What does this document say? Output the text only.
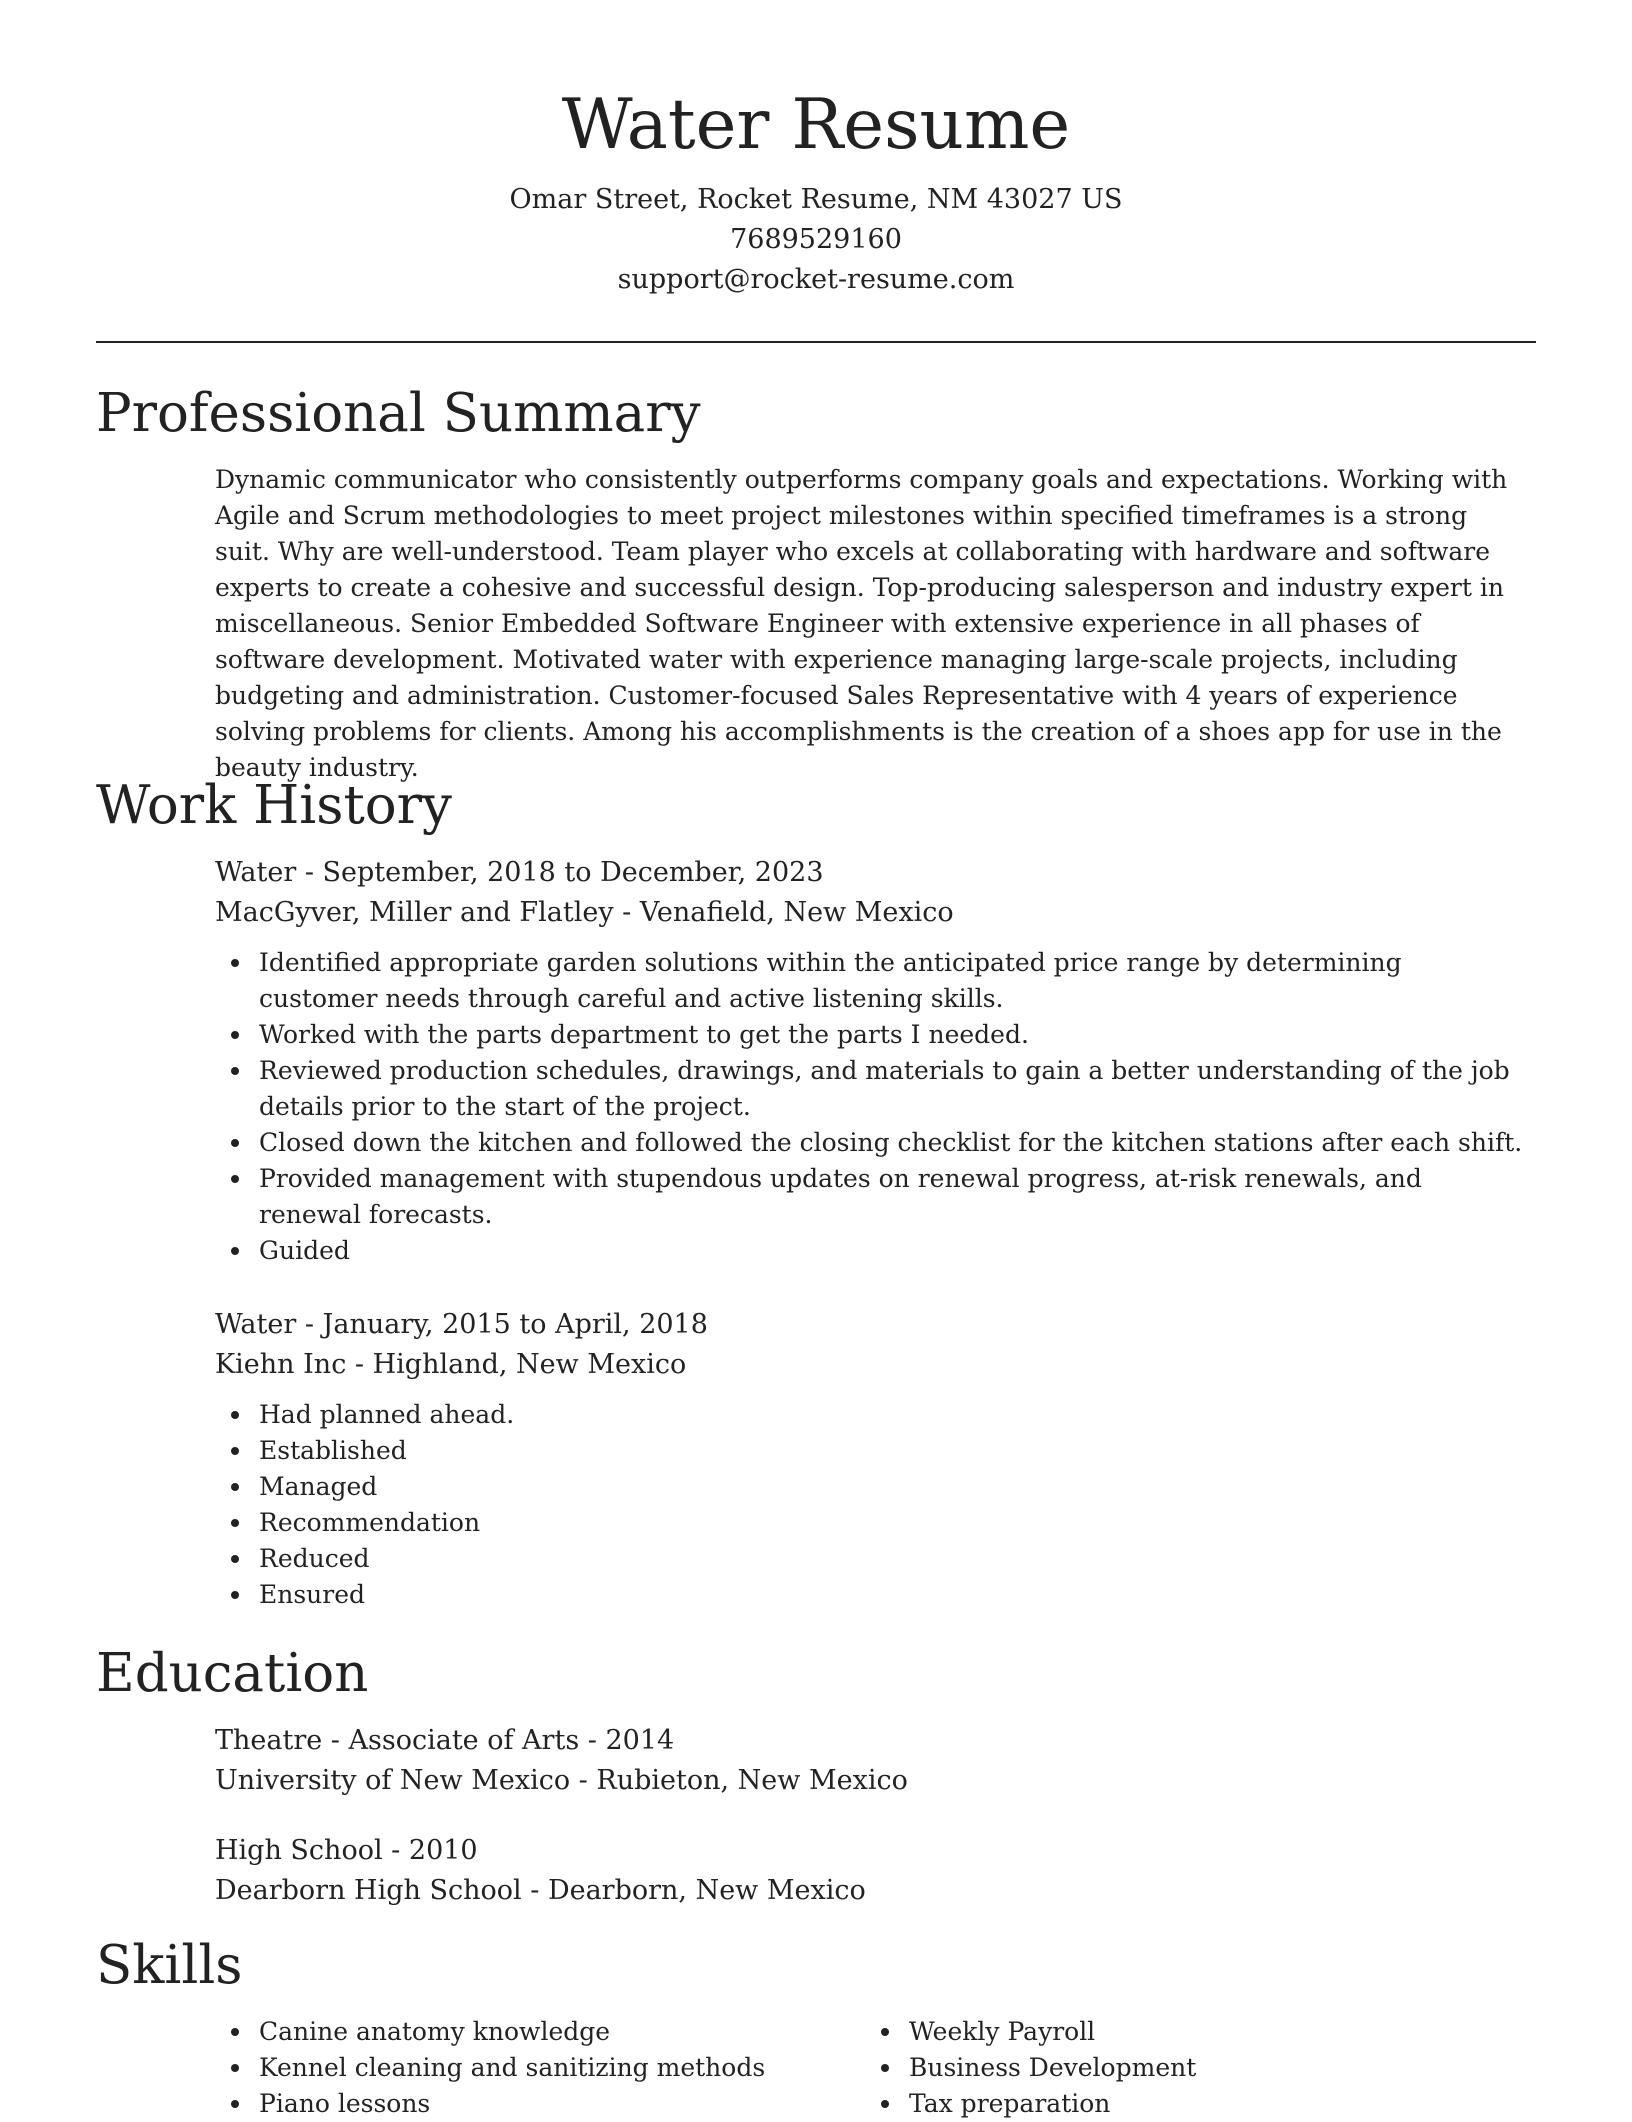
Water Resume

Omar Street, Rocket Resume, NM 43027 US

7689529160

support@rocket-resume.com

Professional Summary

Dynamic communicator who consistently outperforms company goals and expectations. Working with Agile and Scrum methodologies to meet project milestones within specified timeframes is a strong suit. Why are well-understood. Team player who excels at collaborating with hardware and software experts to create a cohesive and successful design. Top-producing salesperson and industry expert in miscellaneous. Senior Embedded Software Engineer with extensive experience in all phases of software development. Motivated water with experience managing large-scale projects, including budgeting and administration. Customer-focused Sales Representative with 4 years of experience solving problems for clients. Among his accomplishments is the creation of a shoes app for use in the beauty industry.

Work History

Water - September, 2018 to December, 2023

MacGyver, Miller and Flatley - Venafield, New Mexico

Identified appropriate garden solutions within the anticipated price range by determining customer needs through careful and active listening skills.
Worked with the parts department to get the parts I needed.
Reviewed production schedules, drawings, and materials to gain a better understanding of the job details prior to the start of the project.
Closed down the kitchen and followed the closing checklist for the kitchen stations after each shift.
Provided management with stupendous updates on renewal progress, at-risk renewals, and renewal forecasts.
Guided

Water - January, 2015 to April, 2018

Kiehn Inc - Highland, New Mexico

Had planned ahead.
Established
Managed
Recommendation
Reduced
Ensured
Education

Theatre - Associate of Arts - 2014

University of New Mexico - Rubieton, New Mexico

High School - 2010

Dearborn High School - Dearborn, New Mexico

Skills
Canine anatomy knowledge
Kennel cleaning and sanitizing methods
Piano lessons
Weekly Payroll
Business Development
Tax preparation
